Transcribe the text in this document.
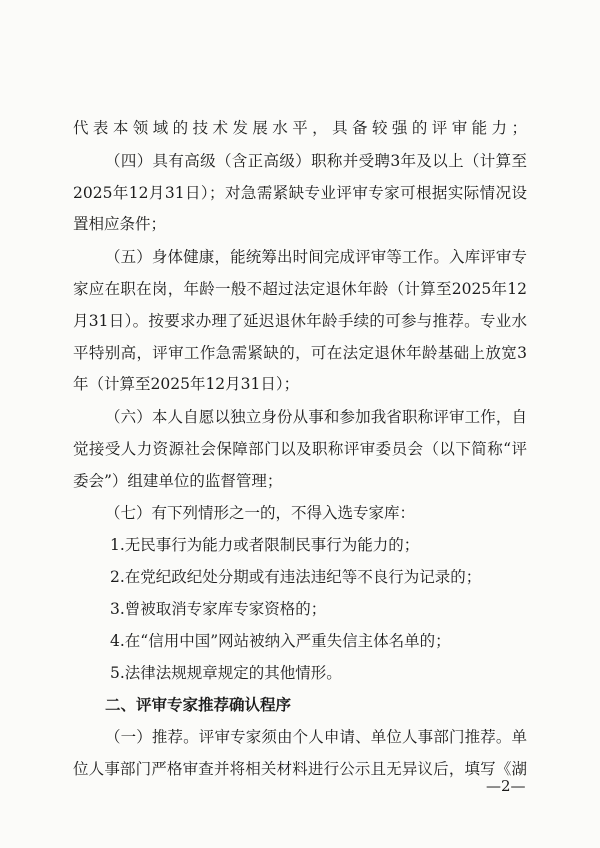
代表本领域的技术发展水平，具备较强的评审能力；
（四）具有高级（含正高级）职称并受聘3年及以上（计算至
2025年12月31日）；对急需紧缺专业评审专家可根据实际情况设
置相应条件；
（五）身体健康，能统筹出时间完成评审等工作。入库评审专
家应在职在岗，年龄一般不超过法定退休年龄（计算至2025年12
月31日）。按要求办理了延迟退休年龄手续的可参与推荐。专业水
平特别高，评审工作急需紧缺的，可在法定退休年龄基础上放宽3
年（计算至2025年12月31日）；
（六）本人自愿以独立身份从事和参加我省职称评审工作，自
觉接受人力资源社会保障部门以及职称评审委员会（以下简称“评
委会”）组建单位的监督管理；
（七）有下列情形之一的，不得入选专家库：
1.无民事行为能力或者限制民事行为能力的；
2.在党纪政纪处分期或有违法违纪等不良行为记录的；
3.曾被取消专家库专家资格的；
4.在“信用中国”网站被纳入严重失信主体名单的；
5.法律法规规章规定的其他情形。
二、评审专家推荐确认程序
（一）推荐。评审专家须由个人申请、单位人事部门推荐。单
位人事部门严格审查并将相关材料进行公示且无异议后，填写《湖
—2—
